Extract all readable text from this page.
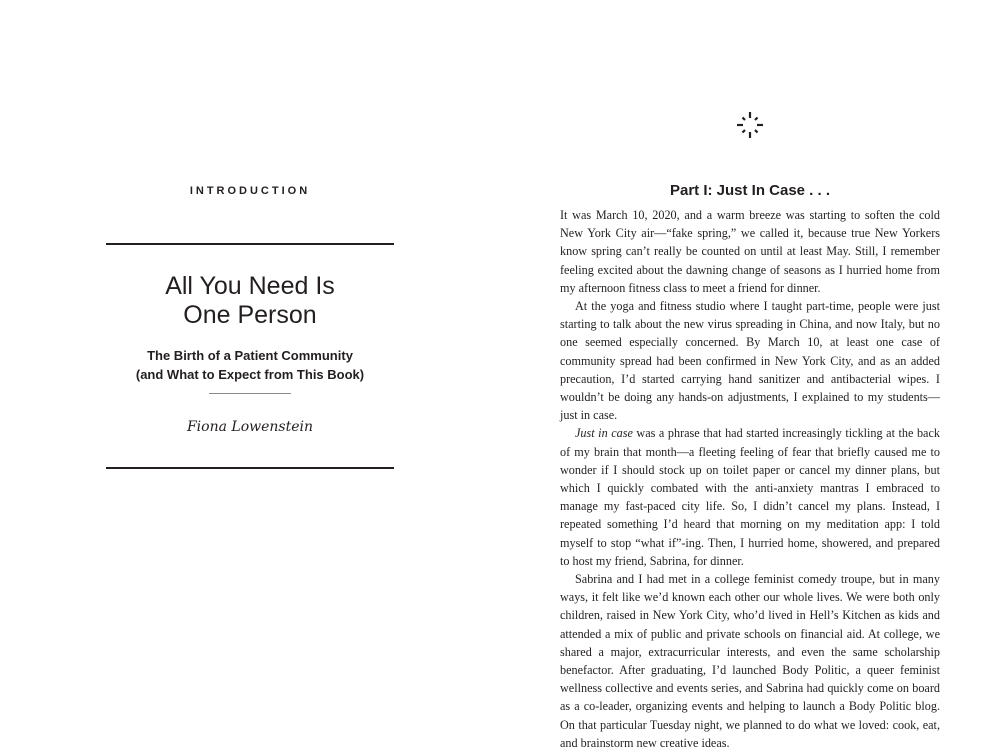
INTRODUCTION
All You Need Is
One Person
The Birth of a Patient Community
(and What to Expect from This Book)
Fiona Lowenstein
Part I: Just In Case . . .

It was March 10, 2020, and a warm breeze was starting to soften the cold New York City air—“fake spring,” we called it, because true New Yorkers know spring can’t really be counted on until at least May. Still, I remember feeling excited about the dawning change of seasons as I hurried home from my afternoon fitness class to meet a friend for dinner.

At the yoga and fitness studio where I taught part-time, people were just starting to talk about the new virus spreading in China, and now Italy, but no one seemed especially concerned. By March 10, at least one case of community spread had been confirmed in New York City, and as an added precaution, I’d started carrying hand sanitizer and antibacterial wipes. I wouldn’t be doing any hands-on adjustments, I explained to my students—just in case.

Just in case was a phrase that had started increasingly tickling at the back of my brain that month—a fleeting feeling of fear that briefly caused me to wonder if I should stock up on toilet paper or cancel my dinner plans, but which I quickly combated with the anti-anxiety mantras I embraced to manage my fast-paced city life. So, I didn’t cancel my plans. Instead, I repeated something I’d heard that morning on my meditation app: I told myself to stop “what if”-ing. Then, I hurried home, showered, and prepared to host my friend, Sabrina, for dinner.

Sabrina and I had met in a college feminist comedy troupe, but in many ways, it felt like we’d known each other our whole lives. We were both only children, raised in New York City, who’d lived in Hell’s Kitchen as kids and attended a mix of public and private schools on financial aid. At college, we shared a major, extracurricular interests, and even the same scholarship benefactor. After graduating, I’d launched Body Politic, a queer feminist wellness collective and events series, and Sabrina had quickly come on board as a co-leader, organizing events and helping to launch a Body Politic blog. On that particular Tuesday night, we planned to do what we loved: cook, eat, and brainstorm new creative ideas.
